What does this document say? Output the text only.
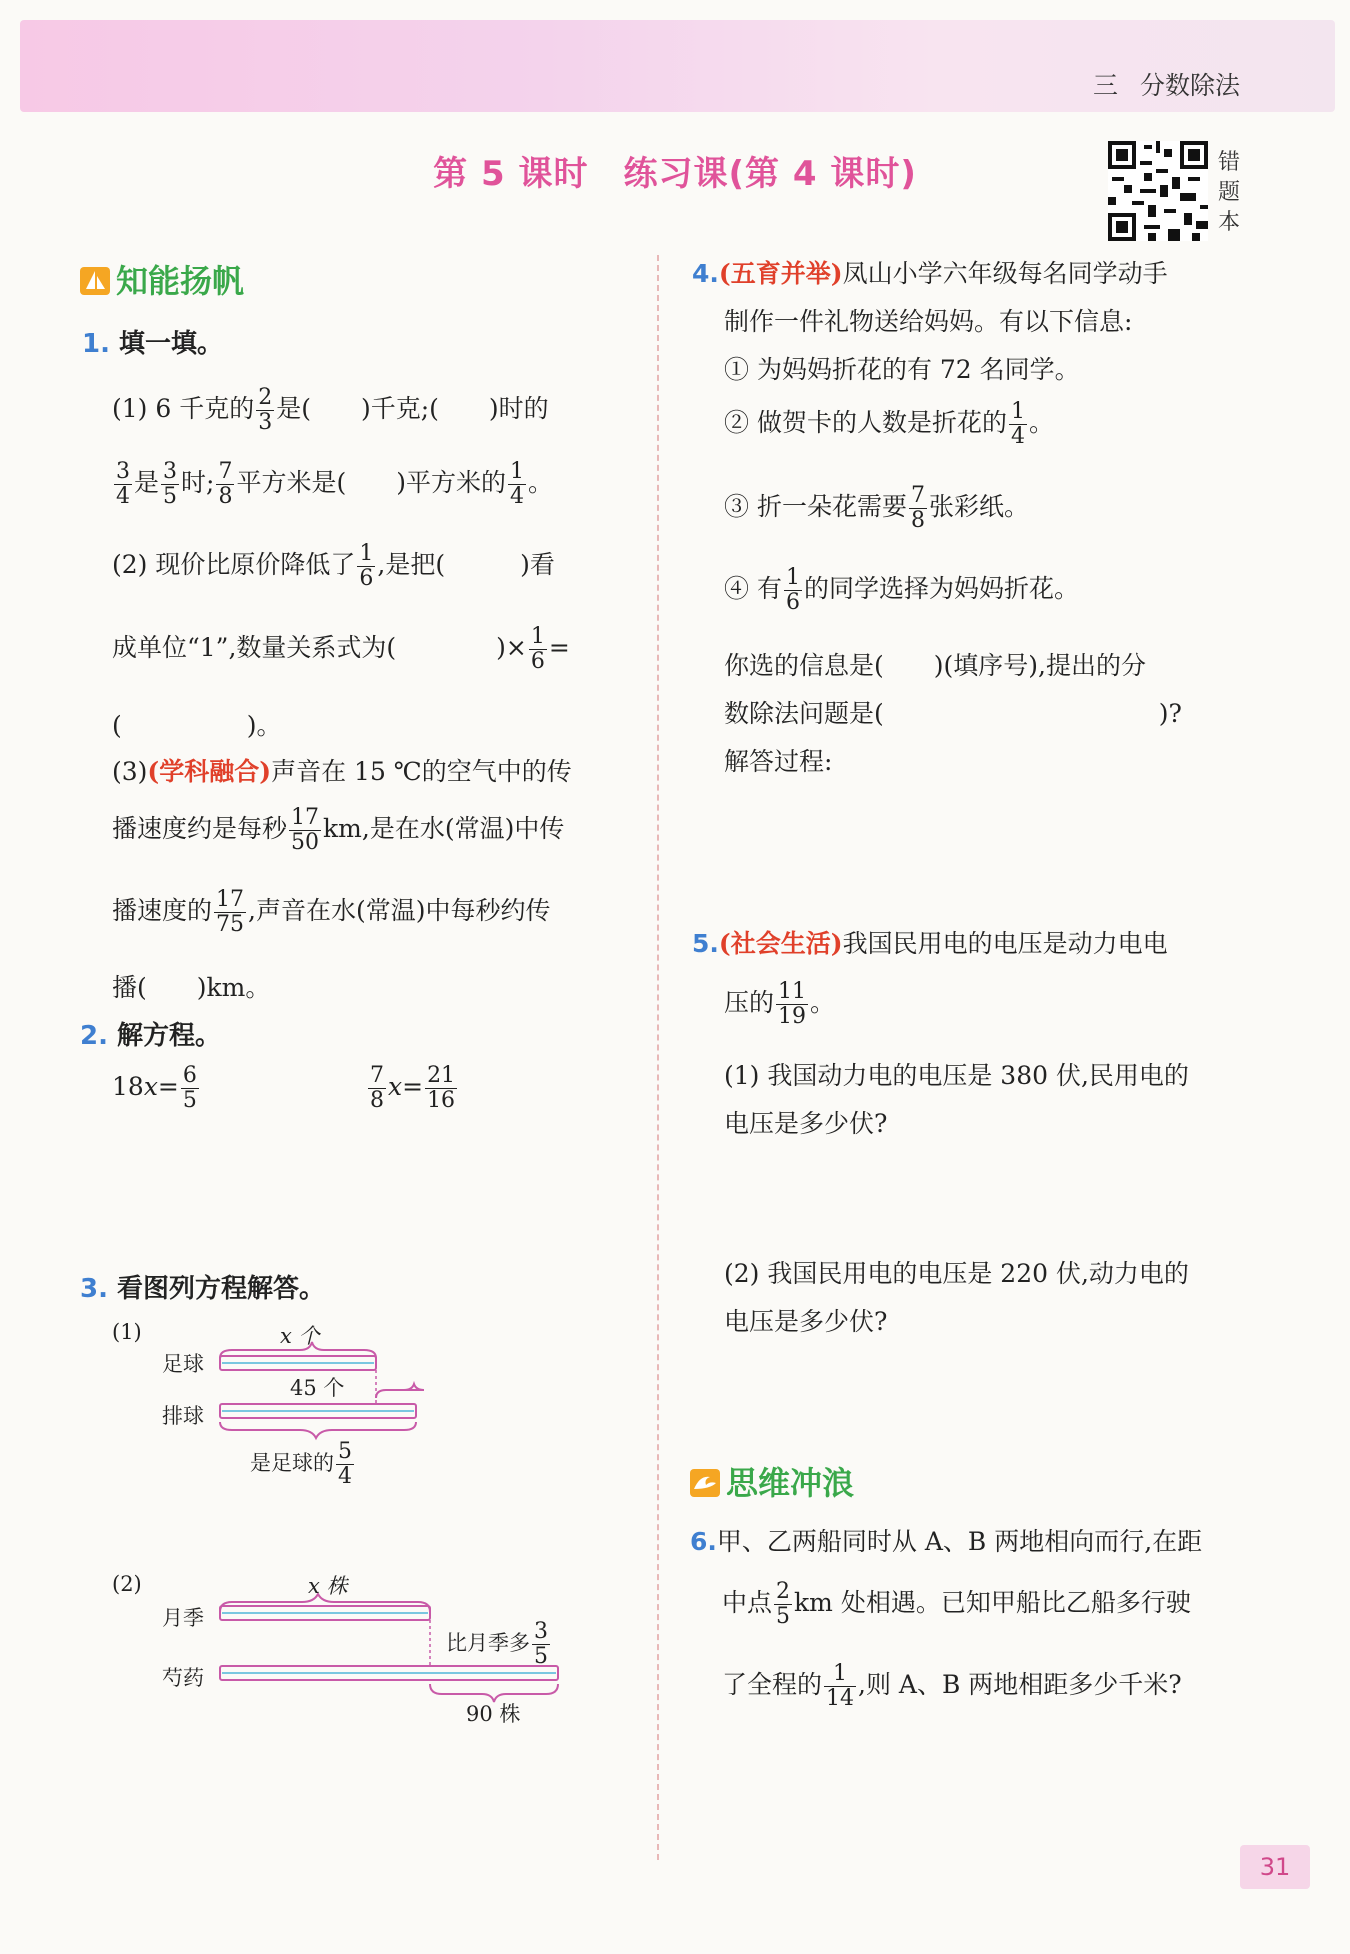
三 分数除法
第 5 课时　练习课(第 4 课时)	错
题
本
知能扬帆
1. 填一填。
(1) 6 千克的 $\frac{2}{3}$ 是(　　)千克;(　　)时的
$\frac{3}{4}$ 是 $\frac{3}{5}$ 时; $\frac{7}{8}$ 平方米是(　　)平方米的 $\frac{1}{4}$ 。
(2) 现价比原价降低了 $\frac{1}{6}$ ,是把(　　　)看
成单位“1”,数量关系式为(　　　　)× $\frac{1}{6}$ =
(　　　　　)。
(3)(学科融合)声音在 15 ℃的空气中的传
播速度约是每秒 $\frac{17}{50}$ km,是在水(常温)中传
播速度的 $\frac{17}{75}$ ,声音在水(常温)中每秒约传
播(　　)km。
2. 解方程。
$18x= \frac{6}{5}$	$\frac{7}{8} x= \frac{21}{16}$
3. 看图列方程解答。
(1)
足球
排球
x 个
45 个
是足球的 $\frac{5}{4}$
(2)
月季
芍药
x 株
比月季多 $\frac{3}{5}$
90 株
4.(五育并举)凤山小学六年级每名同学动手
制作一件礼物送给妈妈。有以下信息:
① 为妈妈折花的有 72 名同学。
② 做贺卡的人数是折花的 $\frac{1}{4}$ 。
③ 折一朵花需要 $\frac{7}{8}$ 张彩纸。
④ 有 $\frac{1}{6}$ 的同学选择为妈妈折花。
你选的信息是(　　)(填序号),提出的分
数除法问题是(　　　　　　　　　　　)?
解答过程:
5.(社会生活)我国民用电的电压是动力电电
压的 $\frac{11}{19}$ 。
(1) 我国动力电的电压是 380 伏,民用电的
电压是多少伏?
(2) 我国民用电的电压是 220 伏,动力电的
电压是多少伏?
思维冲浪
6.甲、乙两船同时从 A、B 两地相向而行,在距
中点 $\frac{2}{5}$ km 处相遇。已知甲船比乙船多行驶
了全程的 $\frac{1}{14}$ ,则 A、B 两地相距多少千米?
31
